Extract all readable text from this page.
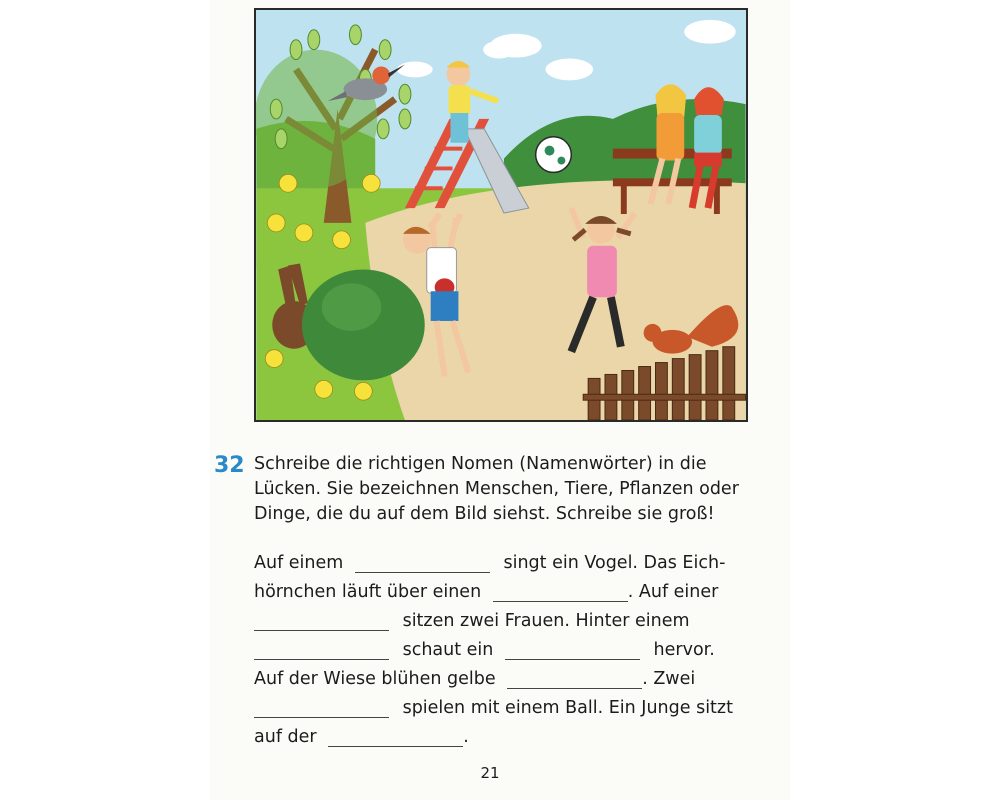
32 Schreibe die richtigen Nomen (Namenwörter) in die
Lücken. Sie bezeichnen Menschen, Tiere, Pflanzen oder
Dinge, die du auf dem Bild siehst. Schreibe sie groß!
Auf einem	singt ein Vogel. Das Eich-
hörnchen läuft über einen	. Auf einer
sitzen zwei Frauen. Hinter einem
schaut ein	hervor.
Auf der Wiese blühen gelbe	. Zwei
spielen mit einem Ball. Ein Junge sitzt
auf der	.
21
